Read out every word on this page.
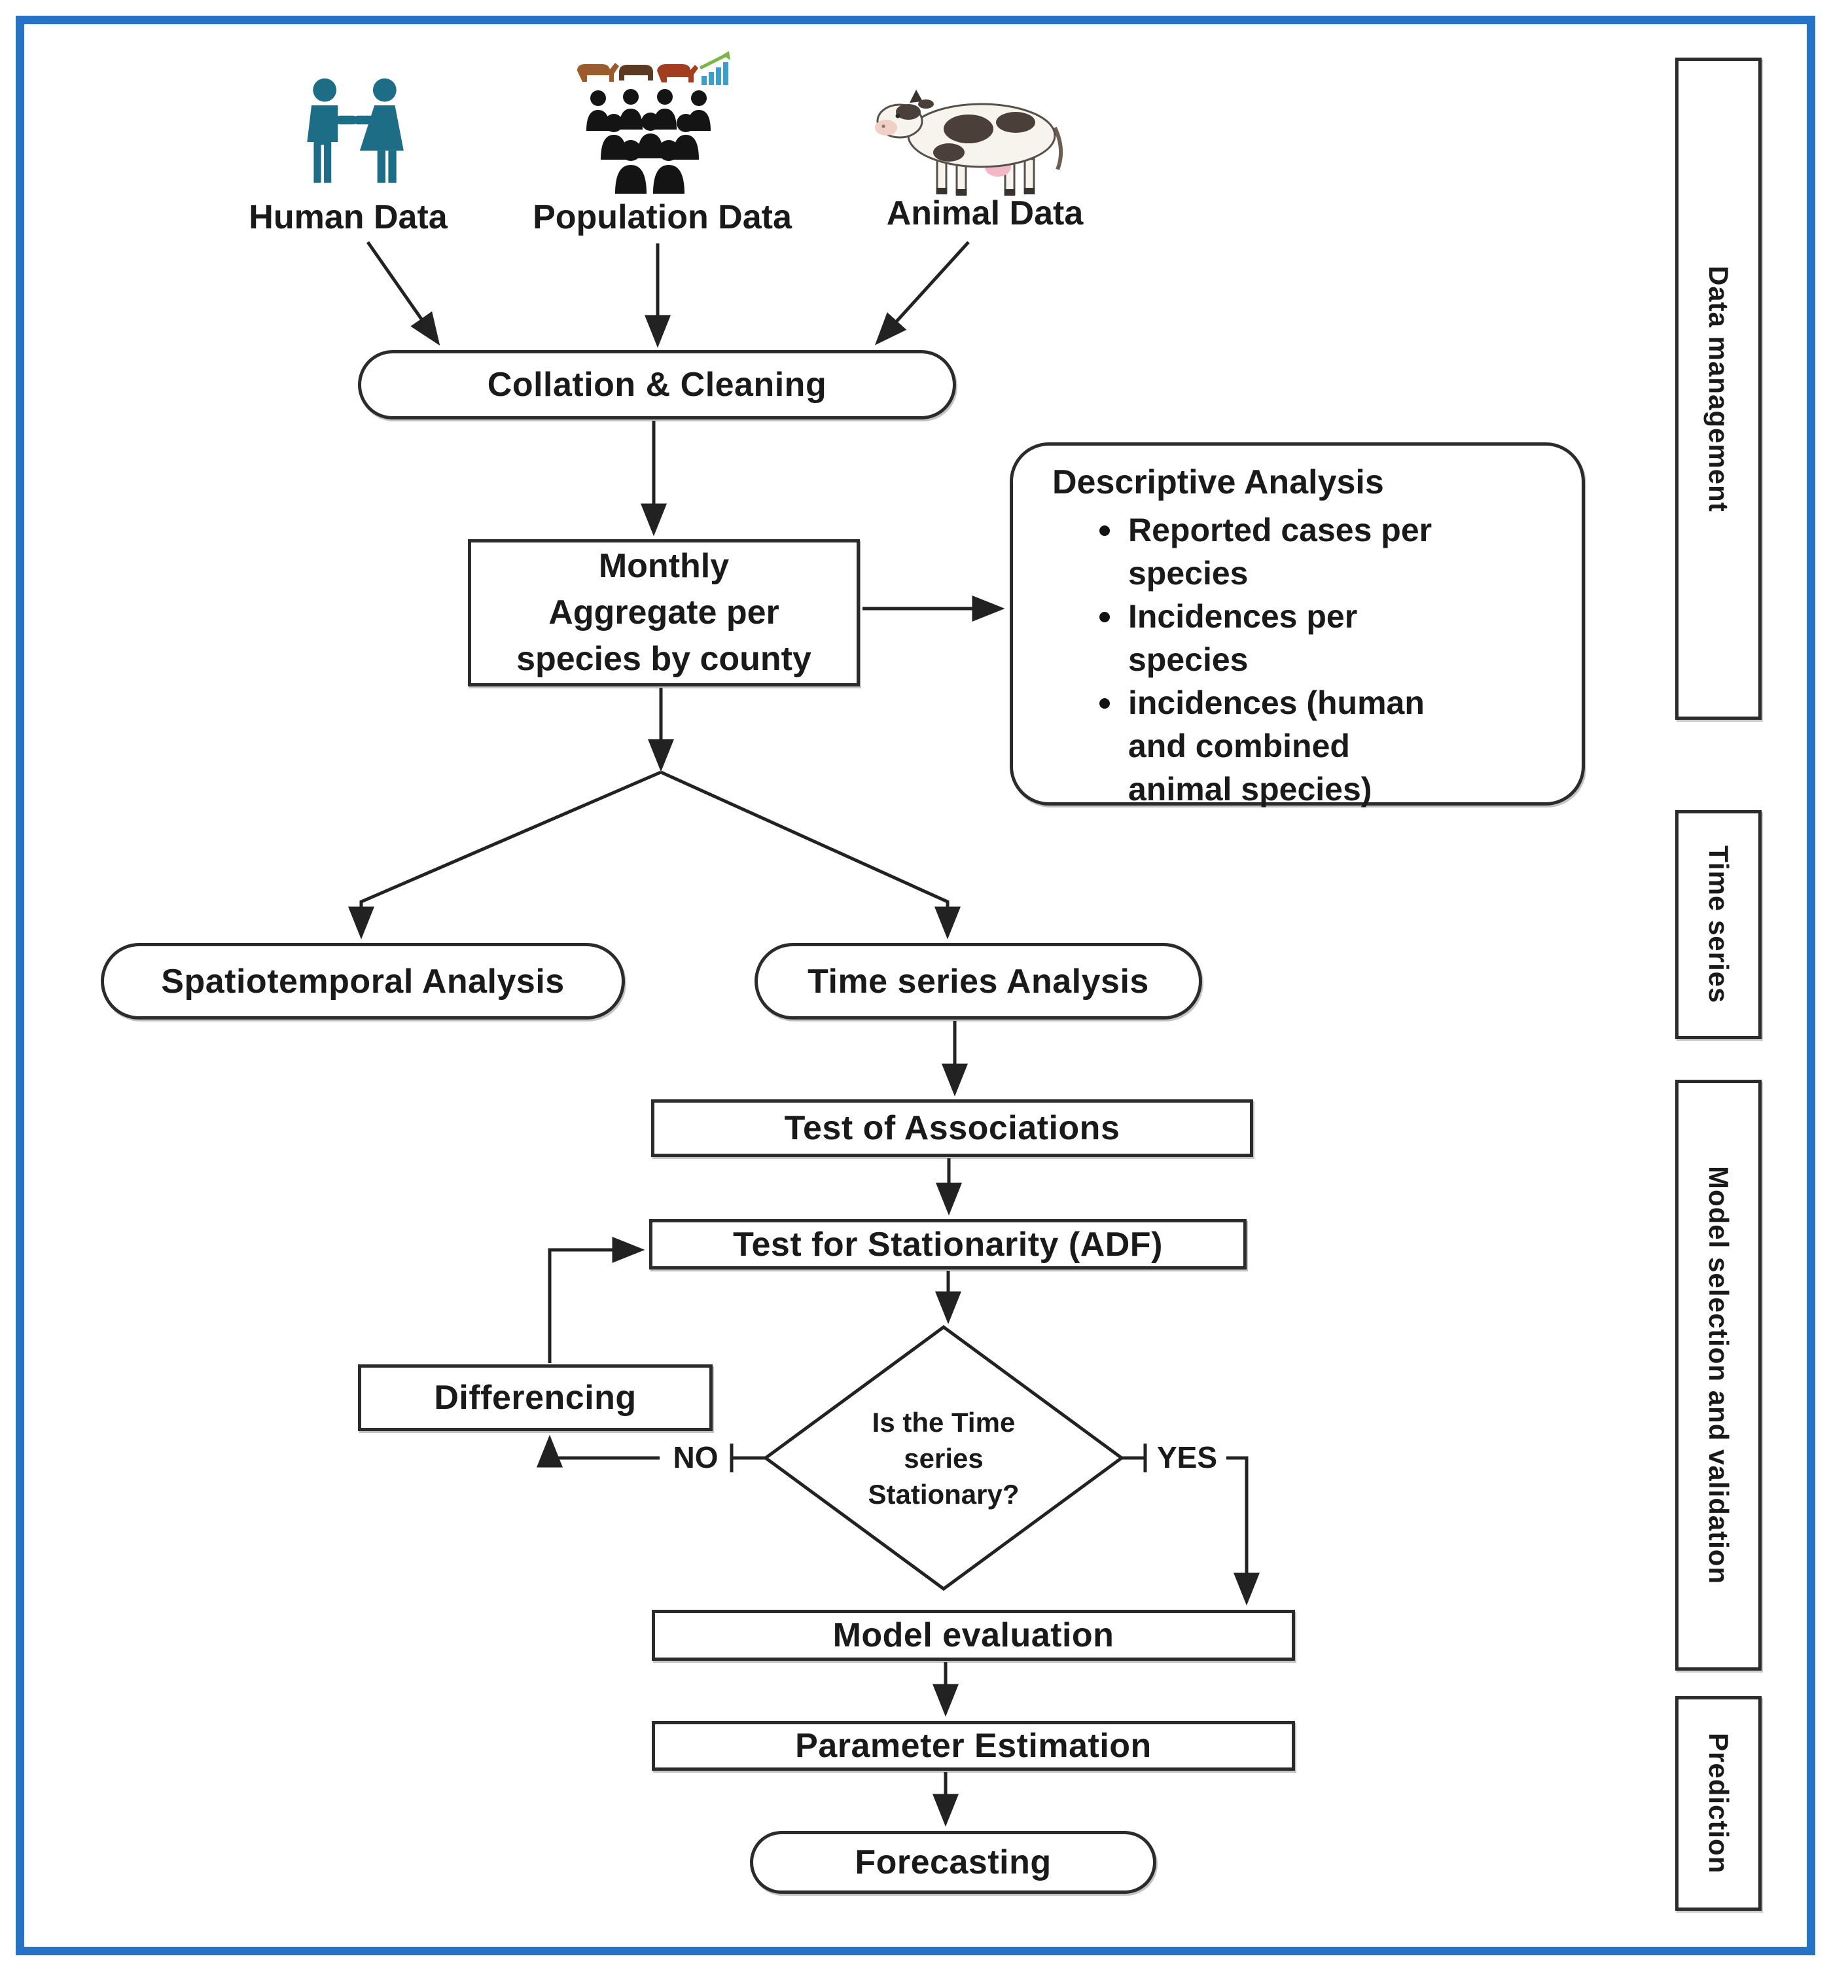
Human Data	Population Data	Animal Data
Collation & Cleaning
Monthly
Aggregate per
species by county
Descriptive Analysis
Reported cases per
species
Incidences per
species
incidences (human
and combined
animal species)
Spatiotemporal Analysis	Time series Analysis
Test of Associations
Test for Stationarity (ADF)
Differencing
Is the Time
series
Stationary?
NO	YES
Model evaluation
Parameter Estimation
Forecasting
Data management
Time series
Model selection and validation
Prediction
